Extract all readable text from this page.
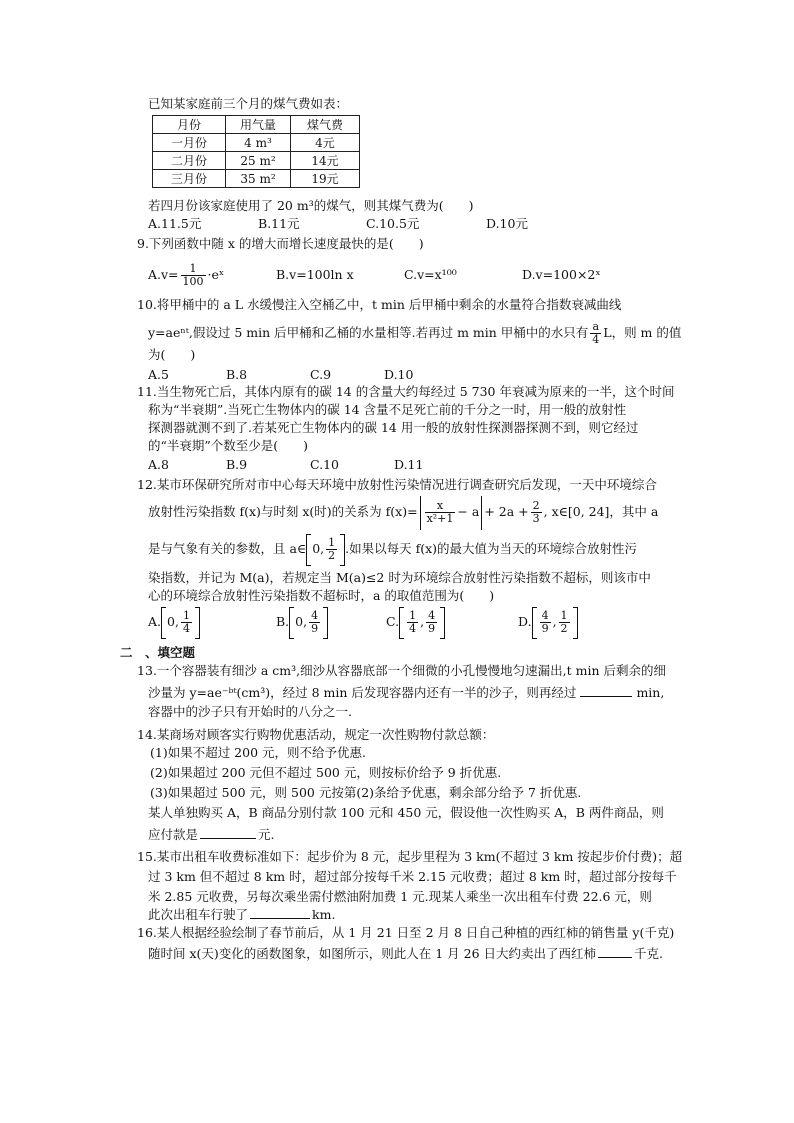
已知某家庭前三个月的煤气费如表：
月份	用气量	煤气费
一月份	4 m³	4元
二月份	25 m²	14元
三月份	35 m²	19元
若四月份该家庭使用了 20 m³的煤气，则其煤气费为(　　)
A.11.5元	B.11元	C.10.5元	D.10元
9.下列函数中随 x 的增大而增长速度最快的是(　　)
$A.v= \frac{1}{100}$ ·eˣ	B.v=100ln x	C.v=x¹⁰⁰	D.v=100×2ˣ
10.将甲桶中的 a L 水缓慢注入空桶乙中，t min 后甲桶中剩余的水量符合指数衰减曲线
y=aeⁿᵗ,假设过 5 min 后甲桶和乙桶的水量相等.若再过 m min 甲桶中的水只有 $\frac{a}{4}$ L，则 m 的值
为(　　)
A.5	B.8	C.9	D.10
11.当生物死亡后，其体内原有的碳 14 的含量大约每经过 5 730 年衰减为原来的一半，这个时间
称为“半衰期”.当死亡生物体内的碳 14 含量不足死亡前的千分之一时，用一般的放射性
探测器就测不到了.若某死亡生物体内的碳 14 用一般的放射性探测器探测不到，则它经过
的“半衰期”个数至少是(　　)
A.8	B.9	C.10	D.11
12.某市环保研究所对市中心每天环境中放射性污染情况进行调查研究后发现，一天中环境综合
放射性污染指数 f(x)与时刻 x(时)的关系为 $f(x)= \frac{x}{\text{x²+1}} - a + 2a + \frac{2}{3}$ , x∈[0, 24]，其中 a
是与气象有关的参数，且 a∈ 0, $\frac{1}{2}$ .如果以每天 f(x)的最大值为当天的环境综合放射性污
染指数，并记为 M(a)，若规定当 M(a)≤2 时为环境综合放射性污染指数不超标，则该市中
心的环境综合放射性污染指数不超标时，a 的取值范围为(　　)
A. 0, $\frac{1}{4}$	B. 0, $\frac{4}{9}$	C. $\frac{1}{4}$ , $\frac{4}{9}$	D. $\frac{4}{9}$ , $\frac{1}{2}$
二　、填空题
13.一个容器装有细沙 a cm³,细沙从容器底部一个细微的小孔慢慢地匀速漏出,t min 后剩余的细
沙量为 y=ae⁻ᵇᵗ(cm³)，经过 8 min 后发现容器内还有一半的沙子，则再经过	min,
容器中的沙子只有开始时的八分之一.
14.某商场对顾客实行购物优惠活动，规定一次性购物付款总额：
(1)如果不超过 200 元，则不给予优惠.
(2)如果超过 200 元但不超过 500 元，则按标价给予 9 折优惠.
(3)如果超过 500 元，则 500 元按第(2)条给予优惠，剩余部分给予 7 折优惠.
某人单独购买 A，B 商品分别付款 100 元和 450 元，假设他一次性购买 A，B 两件商品，则
应付款是	元.
15.某市出租车收费标准如下：起步价为 8 元，起步里程为 3 km(不超过 3 km 按起步价付费)；超
过 3 km 但不超过 8 km 时，超过部分按每千米 2.15 元收费；超过 8 km 时，超过部分按每千
米 2.85 元收费，另每次乘坐需付燃油附加费 1 元.现某人乘坐一次出租车付费 22.6 元，则
此次出租车行驶了	km.
16.某人根据经验绘制了春节前后，从 1 月 21 日至 2 月 8 日自己种植的西红柿的销售量 y(千克)
随时间 x(天)变化的函数图象，如图所示，则此人在 1 月 26 日大约卖出了西红柿	千克.
